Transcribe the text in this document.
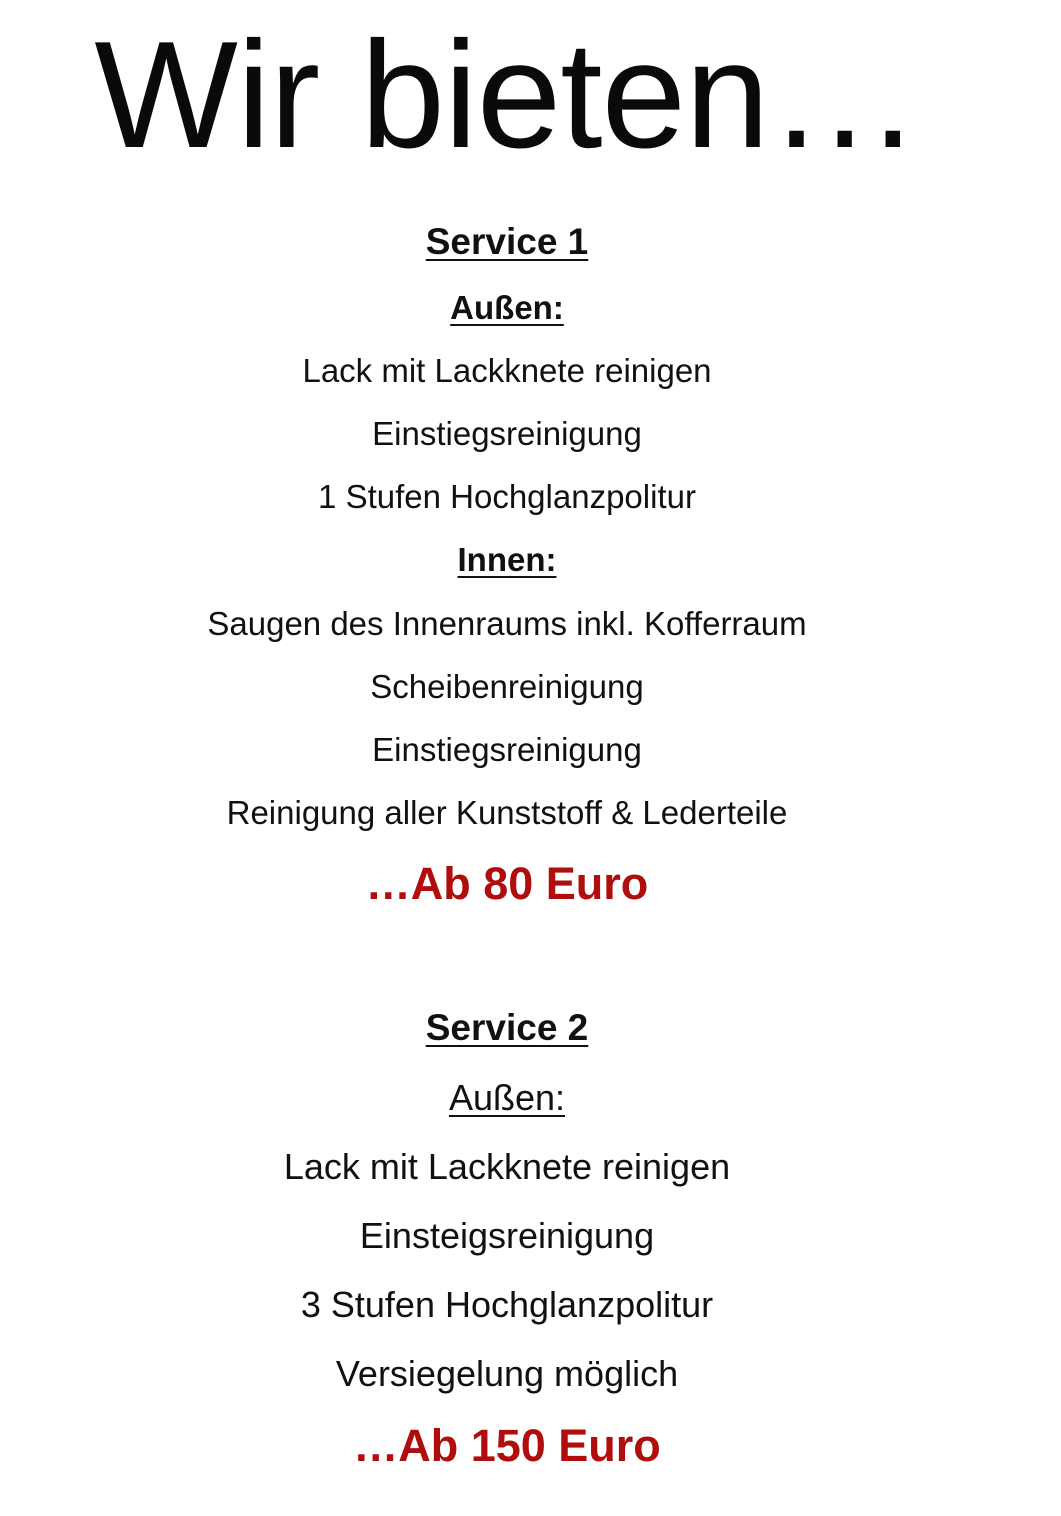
Wir bieten…
Service 1
Außen:
Lack mit Lackknete reinigen
Einstiegsreinigung
1 Stufen Hochglanzpolitur
Innen:
Saugen des Innenraums inkl. Kofferraum
Scheibenreinigung
Einstiegsreinigung
Reinigung aller Kunststoff & Lederteile
…Ab 80 Euro
Service 2
Außen:
Lack mit Lackknete reinigen
Einsteigsreinigung
3 Stufen Hochglanzpolitur
Versiegelung möglich
…Ab 150 Euro
